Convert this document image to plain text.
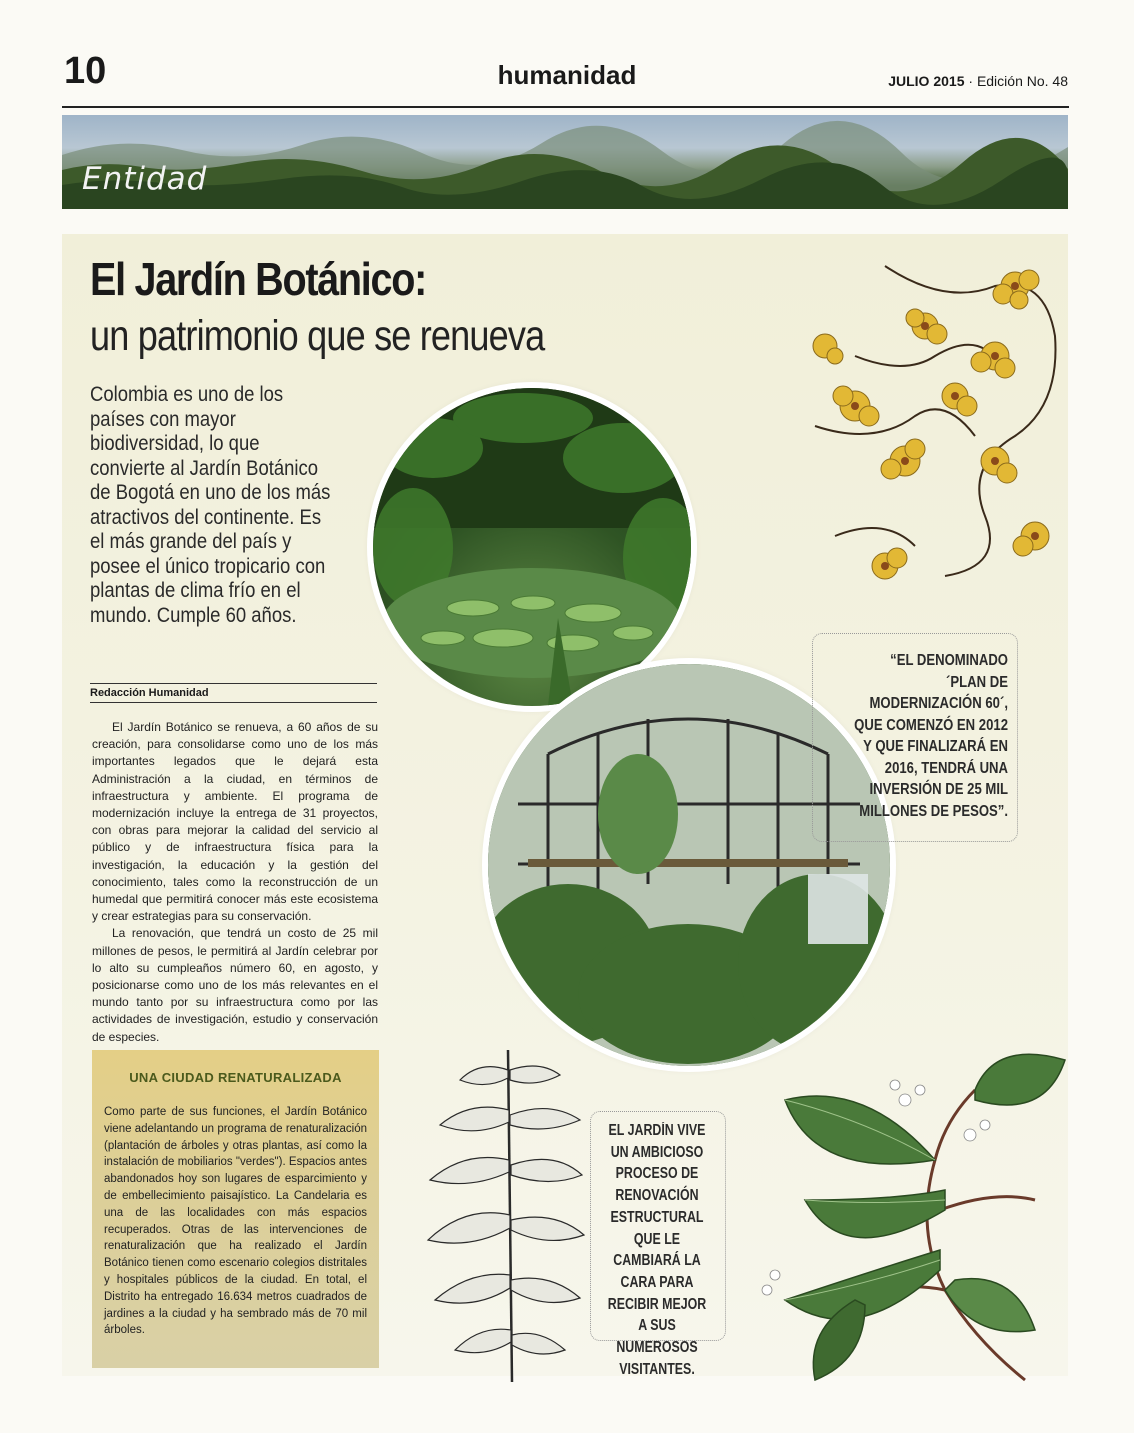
10	humanidad	JULIO 2015 · Edición No. 48
Entidad
El Jardín Botánico:
un patrimonio que se renueva
Colombia es uno de los países con mayor biodiversidad, lo que convierte al Jardín Botánico de Bogotá en uno de los más atractivos del continente. Es el más grande del país y posee el único tropicario con plantas de clima frío en el mundo. Cumple 60 años.
Redacción Humanidad

El Jardín Botánico se renueva, a 60 años de su creación, para consolidarse como uno de los más importantes legados que le dejará esta Administración a la ciudad, en términos de infraestructura y ambiente. El programa de modernización incluye la entrega de 31 proyectos, con obras para mejorar la calidad del servicio al público y de infraestructura física para la investigación, la educación y la gestión del conocimiento, tales como la reconstrucción de un humedal que permitirá conocer más este ecosistema y crear estrategias para su conservación.

La renovación, que tendrá un costo de 25 mil millones de pesos, le permitirá al Jardín celebrar por lo alto su cumpleaños número 60, en agosto, y posicionarse como uno de los más relevantes en el mundo tanto por su infraestructura como por las actividades de investigación, estudio y conservación de especies.

UNA CIUDAD RENATURALIZADA
Como parte de sus funciones, el Jardín Botánico viene adelantando un programa de renaturalización (plantación de árboles y otras plantas, así como la instalación de mobiliarios "verdes"). Espacios antes abandonados hoy son lugares de esparcimiento y de embellecimiento paisajístico. La Candelaria es una de las localidades con más espacios recuperados. Otras de las intervenciones de renaturalización que ha realizado el Jardín Botánico tienen como escenario colegios distritales y hospitales públicos de la ciudad. En total, el Distrito ha entregado 16.634 metros cuadrados de jardines a la ciudad y ha sembrado más de 70 mil árboles.
“EL DENOMINADO ´PLAN DE MODERNIZACIÓN 60´, QUE COMENZÓ EN 2012 Y QUE FINALIZARÁ EN 2016, TENDRÁ UNA INVERSIÓN DE 25 MIL MILLONES DE PESOS”.
EL JARDÍN VIVE UN AMBICIOSO PROCESO DE RENOVACIÓN ESTRUCTURAL QUE LE CAMBIARÁ LA CARA PARA RECIBIR MEJOR A SUS NUMEROSOS VISITANTES.
